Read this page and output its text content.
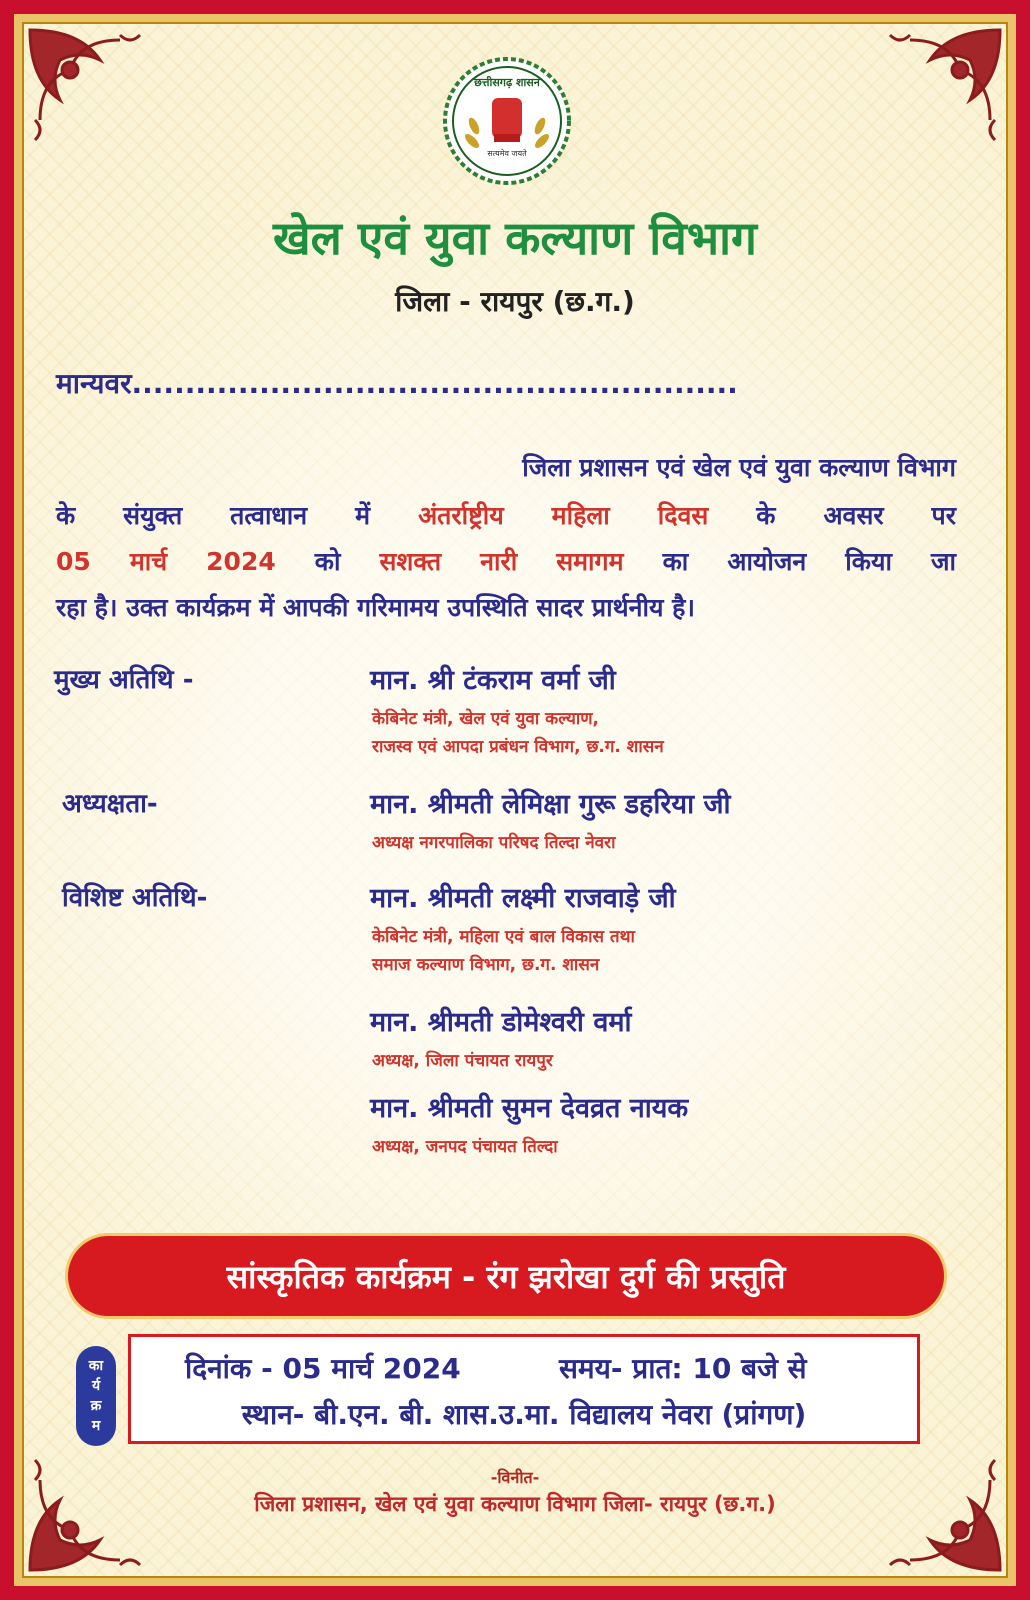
छत्तीसगढ़ शासन
सत्यमेव जयते
खेल एवं युवा कल्याण विभाग
जिला - रायपुर (छ.ग.)
मान्यवर.........................................................
जिला प्रशासन एवं खेल एवं युवा कल्याण विभाग
के संयुक्त तत्वाधान में अंतर्राष्ट्रीय महिला दिवस के अवसर पर
05 मार्च 2024 को सशक्त नारी समागम का आयोजन किया जा
रहा है। उक्त कार्यक्रम में आपकी गरिमामय उपस्थिति सादर प्रार्थनीय है।
मुख्य अतिथि -	मान. श्री टंकराम वर्मा जी
केबिनेट मंत्री, खेल एवं युवा कल्याण,
राजस्व एवं आपदा प्रबंधन विभाग, छ.ग. शासन
अध्यक्षता-	मान. श्रीमती लेमिक्षा गुरू डहरिया जी
अध्यक्ष नगरपालिका परिषद तिल्दा नेवरा
विशिष्ट अतिथि-	मान. श्रीमती लक्ष्मी राजवाड़े जी
केबिनेट मंत्री, महिला एवं बाल विकास तथा
समाज कल्याण विभाग, छ.ग. शासन
मान. श्रीमती डोमेश्वरी वर्मा
अध्यक्ष, जिला पंचायत रायपुर
मान. श्रीमती सुमन देवव्रत नायक
अध्यक्ष, जनपद पंचायत तिल्दा
सांस्कृतिक कार्यक्रम - रंग झरोखा दुर्ग की प्रस्तुति
का
र्य
क्र
म
दिनांक - 05 मार्च 2024	समय- प्रात: 10 बजे से
स्थान- बी.एन. बी. शास.उ.मा. विद्यालय नेवरा (प्रांगण)
-विनीत-
जिला प्रशासन, खेल एवं युवा कल्याण विभाग जिला- रायपुर (छ.ग.)
